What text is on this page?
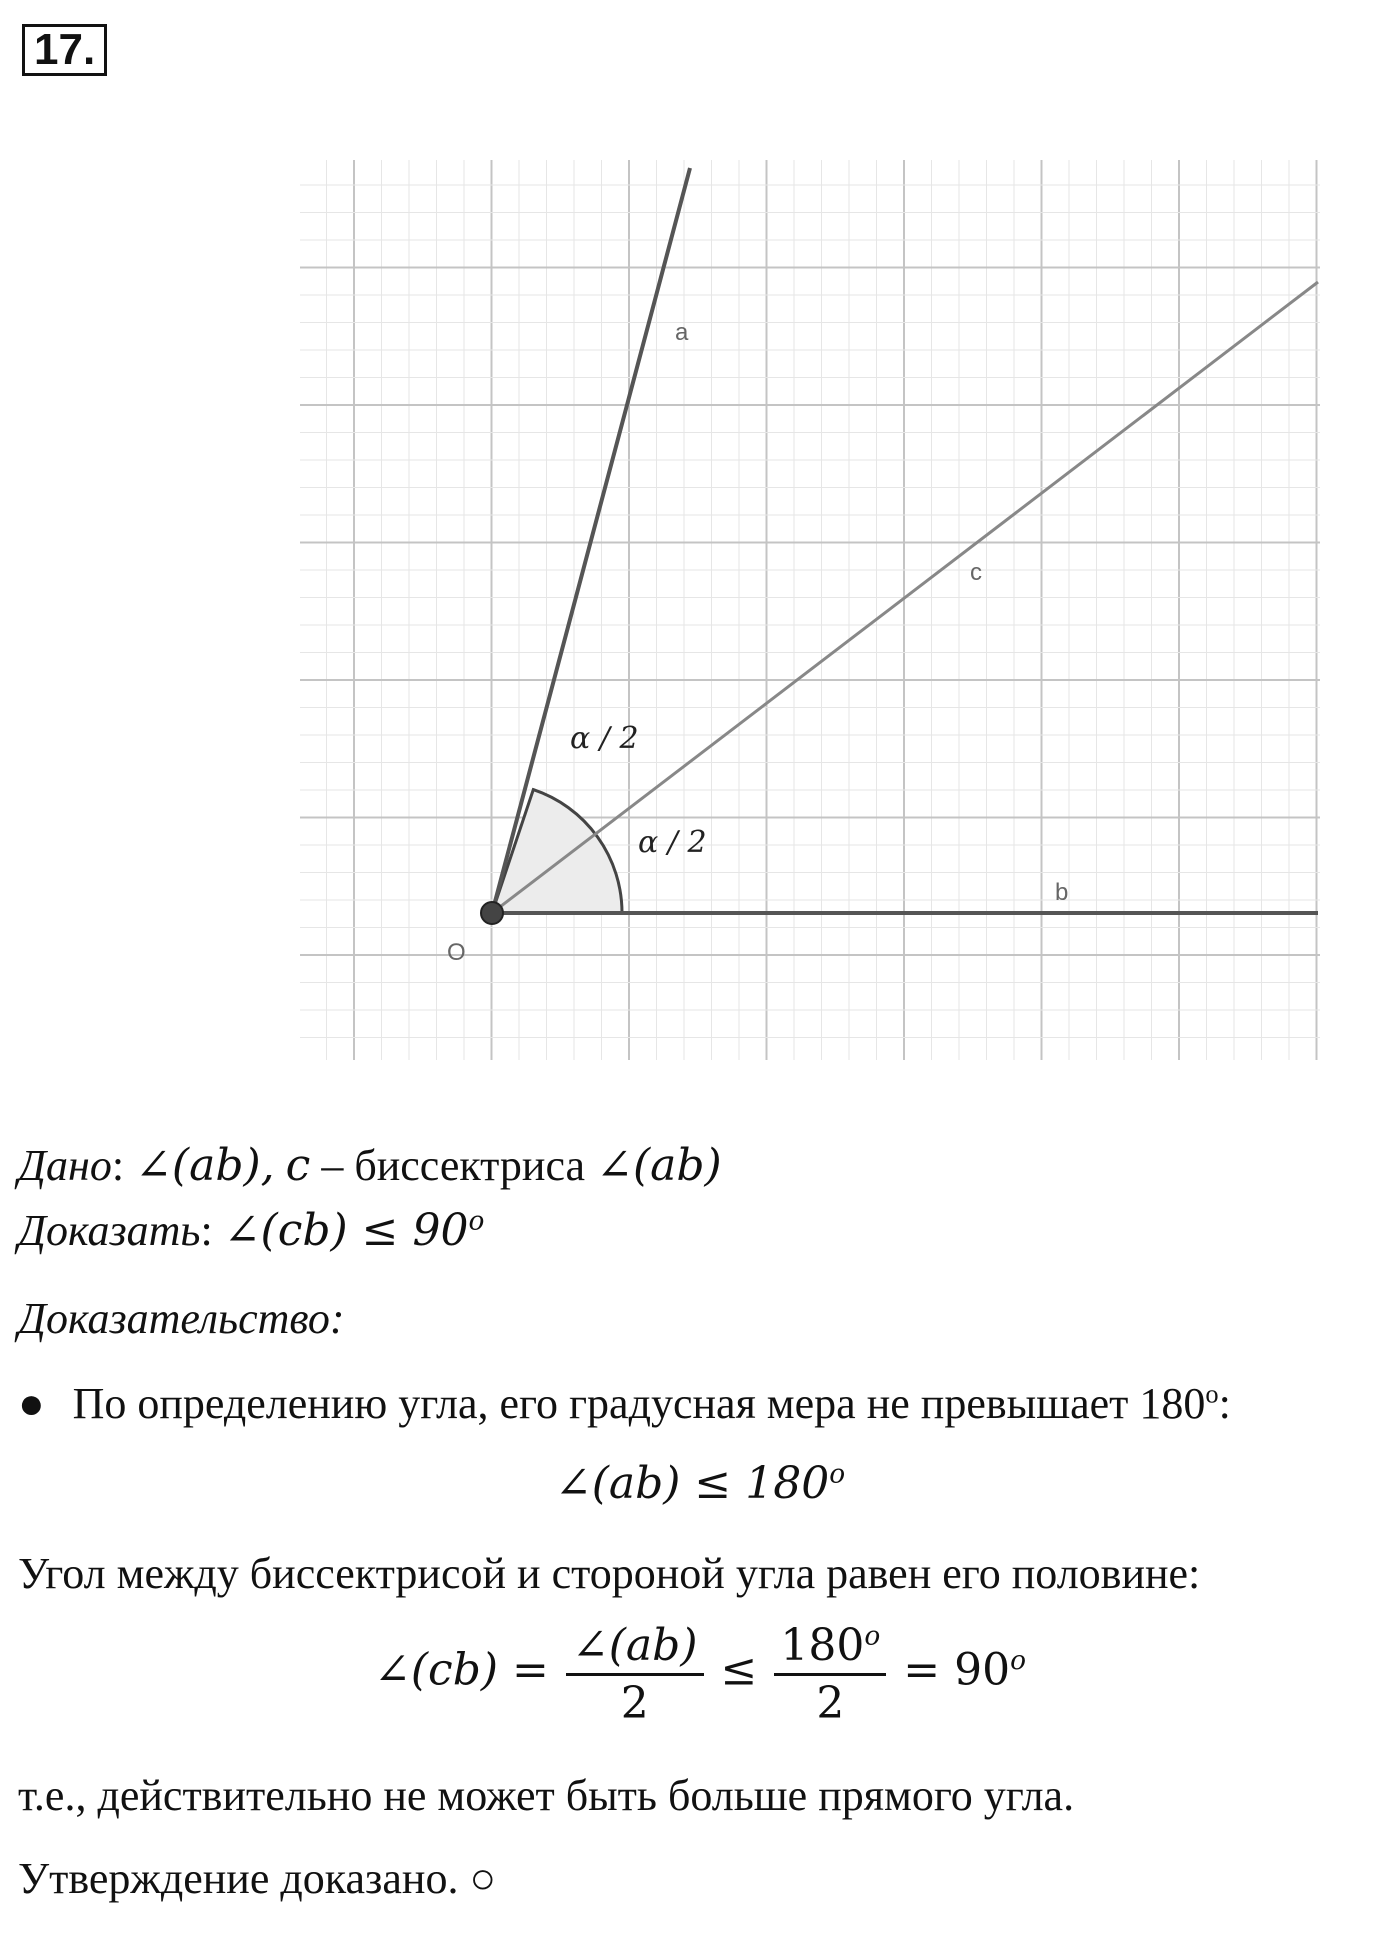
17.
a
c
b
O
α / 2
α / 2
Дано: ∠(ab), c – биссектриса ∠(ab)
Доказать: ∠(cb) ≤ $90^o$
Доказательство:
● По определению угла, его градусная мера не превышает 180$^o$:
∠(ab) ≤ $180^o$
Угол между биссектрисой и стороной угла равен его половине:
∠(cb) = $\frac{\angle(ab)}{2} \le \frac{180^o}{2} = 90^o$
т.е., действительно не может быть больше прямого угла.
Утверждение доказано. ○
